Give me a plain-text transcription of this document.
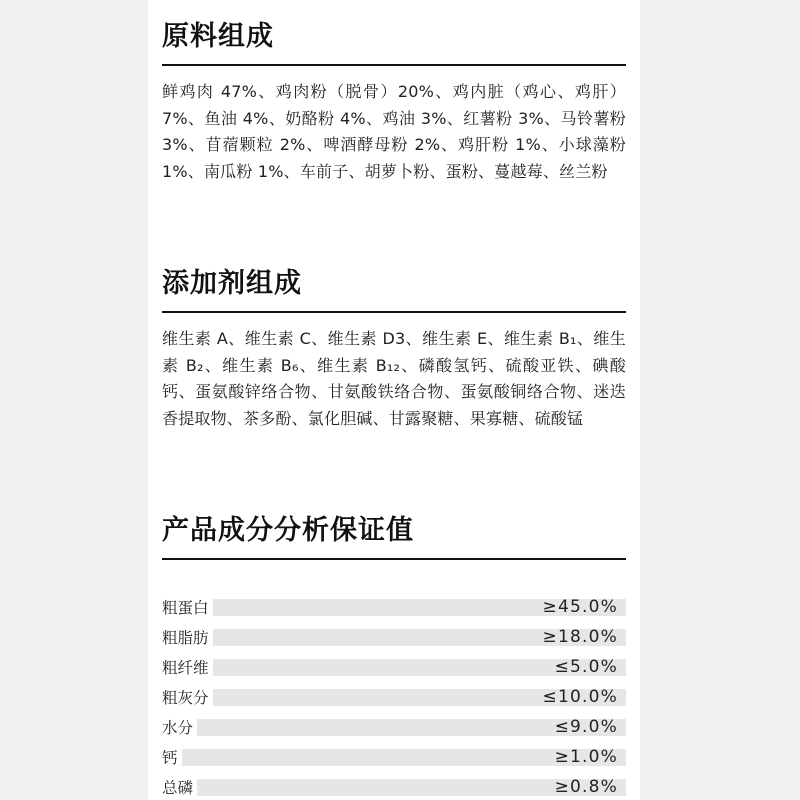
原料组成

鲜鸡肉 47%、鸡肉粉（脱骨）20%、鸡内脏（鸡心、鸡肝）7%、鱼油 4%、奶酪粉 4%、鸡油 3%、红薯粉 3%、马铃薯粉 3%、苜蓿颗粒 2%、啤酒酵母粉 2%、鸡肝粉 1%、小球藻粉 1%、南瓜粉 1%、车前子、胡萝卜粉、蛋粉、蔓越莓、丝兰粉

添加剂组成

维生素 A、维生素 C、维生素 D3、维生素 E、维生素 B₁、维生素 B₂、维生素 B₆、维生素 B₁₂、磷酸氢钙、硫酸亚铁、碘酸钙、蛋氨酸锌络合物、甘氨酸铁络合物、蛋氨酸铜络合物、迷迭香提取物、茶多酚、氯化胆碱、甘露聚糖、果寡糖、硫酸锰

产品成分分析保证值
粗蛋白	≥45.0%
粗脂肪	≥18.0%
粗纤维	≤5.0%
粗灰分	≤10.0%
水分	≤9.0%
钙	≥1.0%
总磷	≥0.8%
